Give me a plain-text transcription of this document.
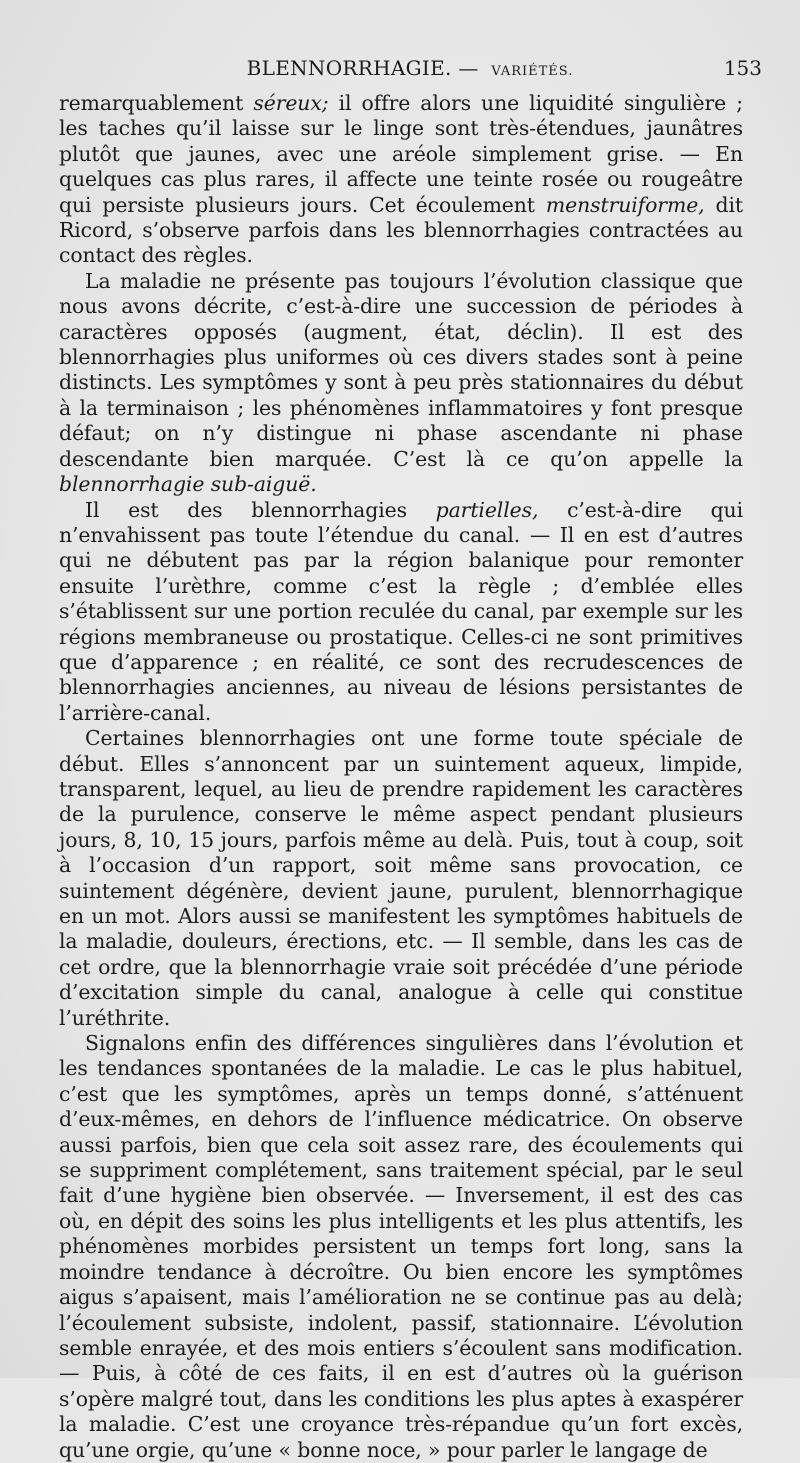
BLENNORRHAGIE. — VARIÉTÉS.	153

remarquablement séreux; il offre alors une liquidité singulière ; les taches qu’il laisse sur le linge sont très-étendues, jaunâtres plutôt que jaunes, avec une aréole simplement grise. — En quelques cas plus rares, il affecte une teinte rosée ou rougeâtre qui persiste plusieurs jours. Cet écoulement menstruiforme, dit Ricord, s’observe parfois dans les blennorrhagies contractées au contact des règles.

La maladie ne présente pas toujours l’évolution classique que nous avons décrite, c’est-à-dire une succession de périodes à caractères opposés (augment, état, déclin). Il est des blennorrhagies plus uniformes où ces divers stades sont à peine distincts. Les symptômes y sont à peu près stationnaires du début à la terminaison ; les phénomènes inflammatoires y font presque défaut; on n’y distingue ni phase ascendante ni phase descendante bien marquée. C’est là ce qu’on appelle la blennorrhagie sub-aiguë.

Il est des blennorrhagies partielles, c’est-à-dire qui n’envahissent pas toute l’étendue du canal. — Il en est d’autres qui ne débutent pas par la région balanique pour remonter ensuite l’urèthre, comme c’est la règle ; d’emblée elles s’établissent sur une portion reculée du canal, par exemple sur les régions membraneuse ou prostatique. Celles-ci ne sont primitives que d’apparence ; en réalité, ce sont des recrudescences de blennorrhagies anciennes, au niveau de lésions persistantes de l’arrière-canal.

Certaines blennorrhagies ont une forme toute spéciale de début. Elles s’annoncent par un suintement aqueux, limpide, transparent, lequel, au lieu de prendre rapidement les caractères de la purulence, conserve le même aspect pendant plusieurs jours, 8, 10, 15 jours, parfois même au delà. Puis, tout à coup, soit à l’occasion d’un rapport, soit même sans provocation, ce suintement dégénère, devient jaune, purulent, blennorrhagique en un mot. Alors aussi se manifestent les symptômes habituels de la maladie, douleurs, érections, etc. — Il semble, dans les cas de cet ordre, que la blennorrhagie vraie soit précédée d’une période d’excitation simple du canal, analogue à celle qui constitue l’uréthrite.

Signalons enfin des différences singulières dans l’évolution et les tendances spontanées de la maladie. Le cas le plus habituel, c’est que les symptômes, après un temps donné, s’atténuent d’eux-mêmes, en dehors de l’influence médicatrice. On observe aussi parfois, bien que cela soit assez rare, des écoulements qui se suppriment complétement, sans traitement spécial, par le seul fait d’une hygiène bien observée. — Inversement, il est des cas où, en dépit des soins les plus intelligents et les plus attentifs, les phénomènes morbides persistent un temps fort long, sans la moindre tendance à décroître. Ou bien encore les symptômes aigus s’apaisent, mais l’amélioration ne se continue pas au delà; l’écoulement subsiste, indolent, passif, stationnaire. L’évolution semble enrayée, et des mois entiers s’écoulent sans modification. — Puis, à côté de ces faits, il en est d’autres où la guérison s’opère malgré tout, dans les conditions les plus aptes à exaspérer la maladie. C’est une croyance très-répandue qu’un fort excès, qu’une orgie, qu’une « bonne noce, » pour parler le langage de
